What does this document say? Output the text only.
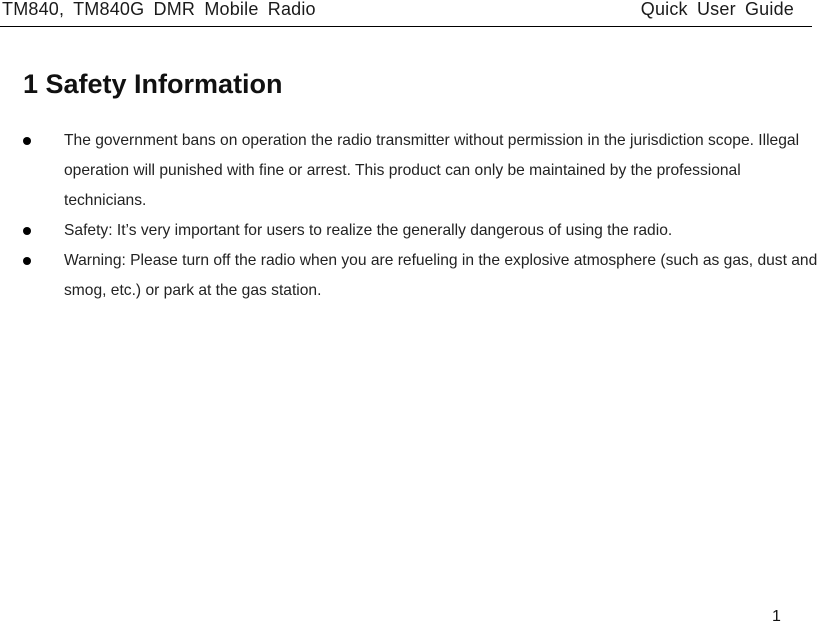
TM840, TM840G DMR Mobile Radio	Quick User Guide
1 Safety Information
The government bans on operation the radio transmitter without permission in the jurisdiction scope. Illegal operation will punished with fine or arrest. This product can only be maintained by the professional technicians.
Safety: It’s very important for users to realize the generally dangerous of using the radio.
Warning: Please turn off the radio when you are refueling in the explosive atmosphere (such as gas, dust and smog, etc.) or park at the gas station.
1
